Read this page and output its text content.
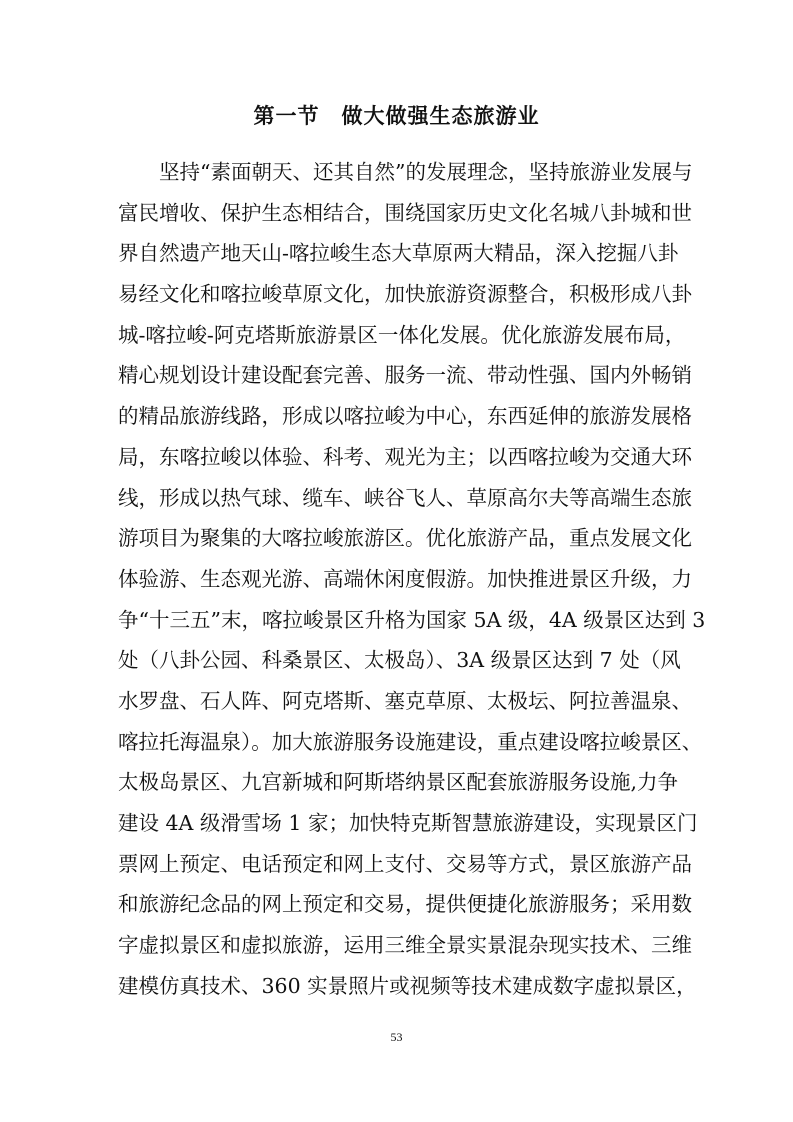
第一节　做大做强生态旅游业
坚持“素面朝天、还其自然”的发展理念，坚持旅游业发展与
富民增收、保护生态相结合，围绕国家历史文化名城八卦城和世
界自然遗产地天山-喀拉峻生态大草原两大精品，深入挖掘八卦
易经文化和喀拉峻草原文化，加快旅游资源整合，积极形成八卦
城-喀拉峻-阿克塔斯旅游景区一体化发展。优化旅游发展布局，
精心规划设计建设配套完善、服务一流、带动性强、国内外畅销
的精品旅游线路，形成以喀拉峻为中心，东西延伸的旅游发展格
局，东喀拉峻以体验、科考、观光为主；以西喀拉峻为交通大环
线，形成以热气球、缆车、峡谷飞人、草原高尔夫等高端生态旅
游项目为聚集的大喀拉峻旅游区。优化旅游产品，重点发展文化
体验游、生态观光游、高端休闲度假游。加快推进景区升级，力
争“十三五”末，喀拉峻景区升格为国家 5A 级，4A 级景区达到 3
处（八卦公园、科桑景区、太极岛）、3A 级景区达到 7 处（风
水罗盘、石人阵、阿克塔斯、塞克草原、太极坛、阿拉善温泉、
喀拉托海温泉）。加大旅游服务设施建设，重点建设喀拉峻景区、
太极岛景区、九宫新城和阿斯塔纳景区配套旅游服务设施,力争
建设 4A 级滑雪场 1 家；加快特克斯智慧旅游建设，实现景区门
票网上预定、电话预定和网上支付、交易等方式，景区旅游产品
和旅游纪念品的网上预定和交易，提供便捷化旅游服务；采用数
字虚拟景区和虚拟旅游，运用三维全景实景混杂现实技术、三维
建模仿真技术、360 实景照片或视频等技术建成数字虚拟景区，
53
